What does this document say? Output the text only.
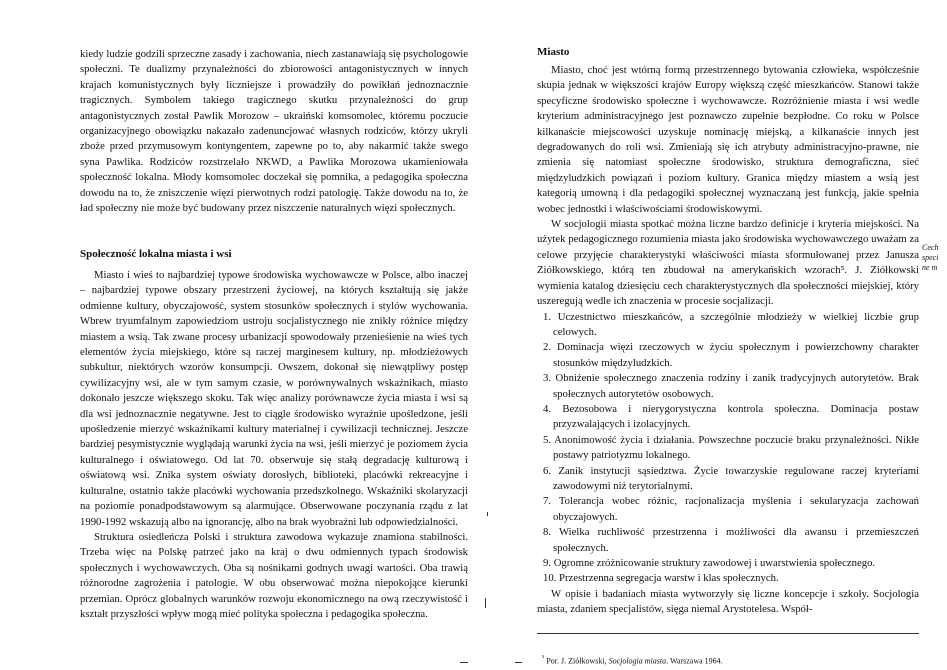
kiedy ludzie godzili sprzeczne zasady i zachowania, niech zastanawiają się psychologowie społeczni. Te dualizmy przynależności do zbiorowości antagonistycznych w innych krajach komunistycznych były liczniejsze i prowadziły do powikłań jednoznacznie tragicznych. Symbolem takiego tragicznego skutku przynależności do grup antagonistycznych został Pawlik Morozow – ukraiński komsomolec, któremu poczucie organizacyjnego obowiązku nakazało zadenuncjować własnych rodziców, którzy ukryli zboże przed przymusowym kontyngentem, zapewne po to, aby nakarmić także swego syna Pawlika. Rodziców rozstrzelało NKWD, a Pawlika Morozowa ukamieniowała społeczność lokalna. Młody komsomolec doczekał się pomnika, a pedagogika społeczna dowodu na to, że zniszczenie więzi pierwotnych rodzi patologię. Także dowodu na to, że ład społeczny nie może być budowany przez niszczenie naturalnych więzi społecznych.

Społeczność lokalna miasta i wsi

Miasto i wieś to najbardziej typowe środowiska wychowawcze w Polsce, albo inaczej – najbardziej typowe obszary przestrzeni życiowej, na których kształtują się jakże odmienne kultury, obyczajowość, system stosunków społecznych i stylów wychowania. Wbrew tryumfalnym zapowiedziom ustroju socjalistycznego nie znikły różnice między miastem a wsią. Tak zwane procesy urbanizacji spowodowały przenieśienie na wieś tych elementów życia miejskiego, które są raczej marginesem kultury, np. młodzieżowych subkultur, niektórych wzorów konsumpcji. Owszem, dokonał się niewątpliwy postęp cywilizacyjny wsi, ale w tym samym czasie, w porównywalnych wskaźnikach, miasto dokonało jeszcze większego skoku. Tak więc analizy porównawcze życia miasta i wsi są dla wsi jednoznacznie negatywne. Jest to ciągle środowisko wyraźnie upośledzone, jeśli upośledzenie mierzyć wskaźnikami kultury materialnej i cywilizacji technicznej. Jeszcze bardziej pesymistycznie wyglądają warunki życia na wsi, jeśli mierzyć je poziomem życia kulturalnego i oświatowego. Od lat 70. obserwuje się stałą degradację kulturową i oświatową wsi. Znika system oświaty dorosłych, biblioteki, placówki rekreacyjne i kulturalne, ostatnio także placówki wychowania przedszkolnego. Wskaźniki skolaryzacji na poziomie ponadpodstawowym są alarmujące. Obserwowane poczynania rządu z lat 1990-1992 wskazują albo na ignorancję, albo na brak wyobraźni lub odpowiedzialności.

Struktura osiedleńcza Polski i struktura zawodowa wykazuje znamiona stabilności. Trzeba więc na Polskę patrzeć jako na kraj o dwu odmiennych typach środowisk społecznych i wychowawczych. Oba są nośnikami godnych uwagi wartości. Oba trawią różnorodne zagrożenia i patologie. W obu obserwować można niepokojące kierunki przemian. Oprócz globalnych warunków rozwoju ekonomicznego na ową rzeczywistość i kształt przyszłości wpływ mogą mieć polityka społeczna i pedagogika społeczna.

Miasto

Miasto, choć jest wtórną formą przestrzennego bytowania człowieka, współcześnie skupia jednak w większości krajów Europy większą część mieszkańców. Stanowi także specyficzne środowisko społeczne i wychowawcze. Rozróżnienie miasta i wsi wedle kryterium administracyjnego jest poznawczo zupełnie bezpłodne. Co roku w Polsce kilkanaście miejscowości uzyskuje nominację miejską, a kilkanaście innych jest degradowanych do roli wsi. Zmieniają się ich atrybuty administracyjno-prawne, nie zmienia się natomiast społeczne środowisko, struktura demograficzna, sieć międzyludzkich powiązań i poziom kultury. Granica między miastem a wsią jest kategorią umowną i dla pedagogiki społecznej wyznaczaną jest funkcją, jakie spełnia wobec jednostki i właściwościami środowiskowymi.

W socjologii miasta spotkać można liczne bardzo definicje i kryteria miejskości. Na użytek pedagogicznego rozumienia miasta jako środowiska wychowawczego uważam za celowe przyjęcie charakterystyki właściwości miasta sformułowanej przez Janusza Ziółkowskiego, którą ten zbudował na amerykańskich wzorach⁵. J. Ziółkowski wymienia katalog dziesięciu cech charakterystycznych dla społeczności miejskiej, który uszeregują wedle ich znaczenia w procesie socjalizacji.

1. Uczestnictwo mieszkańców, a szczególnie młodzieży w wielkiej liczbie grup celowych.
2. Dominacja więzi rzeczowych w życiu społecznym i powierzchowny charakter stosunków międzyludzkich.
3. Obniżenie społecznego znaczenia rodziny i zanik tradycyjnych autorytetów. Brak społecznych autorytetów osobowych.
4. Bezosobowa i nierygorystyczna kontrola społeczna. Dominacja postaw przyzwalających i izolacyjnych.
5. Anonimowość życia i działania. Powszechne poczucie braku przynależności. Nikłe postawy patriotyzmu lokalnego.
6. Zanik instytucji sąsiedztwa. Życie towarzyskie regulowane raczej kryteriami zawodowymi niż terytorialnymi.
7. Tolerancja wobec różnic, racjonalizacja myślenia i sekularyzacja zachowań obyczajowych.
8. Wielka ruchliwość przestrzenna i możliwości dla awansu i przemieszczeń społecznych.
9. Ogromne zróżnicowanie struktury zawodowej i uwarstwienia społecznego.
10. Przestrzenna segregacja warstw i klas społecznych.

W opisie i badaniach miasta wytworzyły się liczne koncepcje i szkoły. Socjologia miasta, zdaniem specjalistów, sięga niemal Arystotelesa. Współ-

$^{^5}$ Por. J. Ziółkowski, Socjologia miasta. Warszawa 1964.

Cech
speci
ne m
